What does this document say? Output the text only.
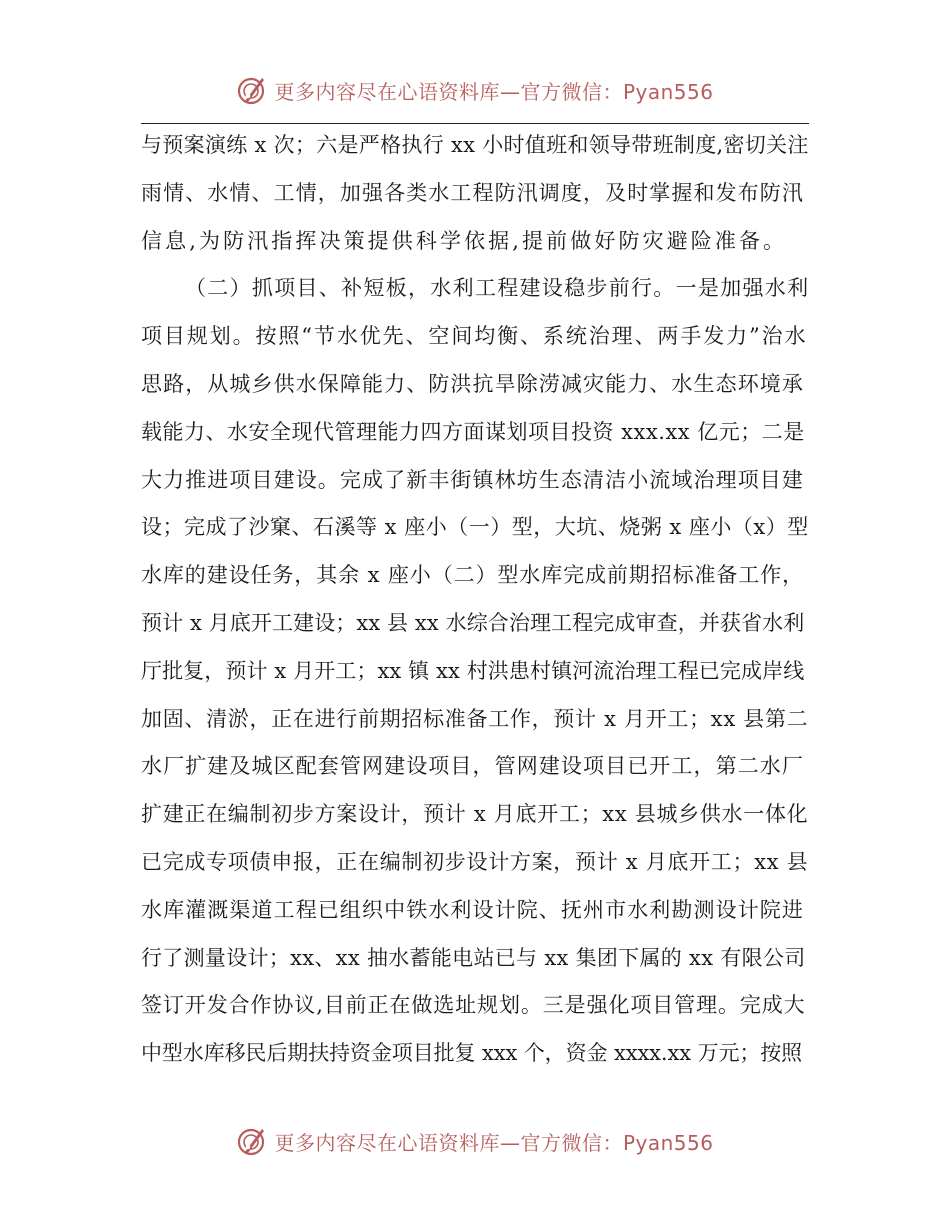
更多内容尽在心语资料库—官方微信：Pyan556
与预案演练 x 次；六是严格执行 xx 小时值班和领导带班制度,密切关注
雨情、水情、工情，加强各类水工程防汛调度，及时掌握和发布防汛
信息,为防汛指挥决策提供科学依据,提前做好防灾避险准备。
（二）抓项目、补短板，水利工程建设稳步前行。一是加强水利
项目规划。按照“节水优先、空间均衡、系统治理、两手发力”治水
思路，从城乡供水保障能力、防洪抗旱除涝减灾能力、水生态环境承
载能力、水安全现代管理能力四方面谋划项目投资 xxx.xx 亿元；二是
大力推进项目建设。完成了新丰街镇林坊生态清洁小流域治理项目建
设；完成了沙窠、石溪等 x 座小（一）型，大坑、烧粥 x 座小（x）型
水库的建设任务，其余 x 座小（二）型水库完成前期招标准备工作，
预计 x 月底开工建设；xx 县 xx 水综合治理工程完成审查，并获省水利
厅批复，预计 x 月开工；xx 镇 xx 村洪患村镇河流治理工程已完成岸线
加固、清淤，正在进行前期招标准备工作，预计 x 月开工；xx 县第二
水厂扩建及城区配套管网建设项目，管网建设项目已开工，第二水厂
扩建正在编制初步方案设计，预计 x 月底开工；xx 县城乡供水一体化
已完成专项债申报，正在编制初步设计方案，预计 x 月底开工；xx 县
水库灌溉渠道工程已组织中铁水利设计院、抚州市水利勘测设计院进
行了测量设计；xx、xx 抽水蓄能电站已与 xx 集团下属的 xx 有限公司
签订开发合作协议,目前正在做选址规划。三是强化项目管理。完成大
中型水库移民后期扶持资金项目批复 xxx 个，资金 xxxx.xx 万元；按照
更多内容尽在心语资料库—官方微信：Pyan556
